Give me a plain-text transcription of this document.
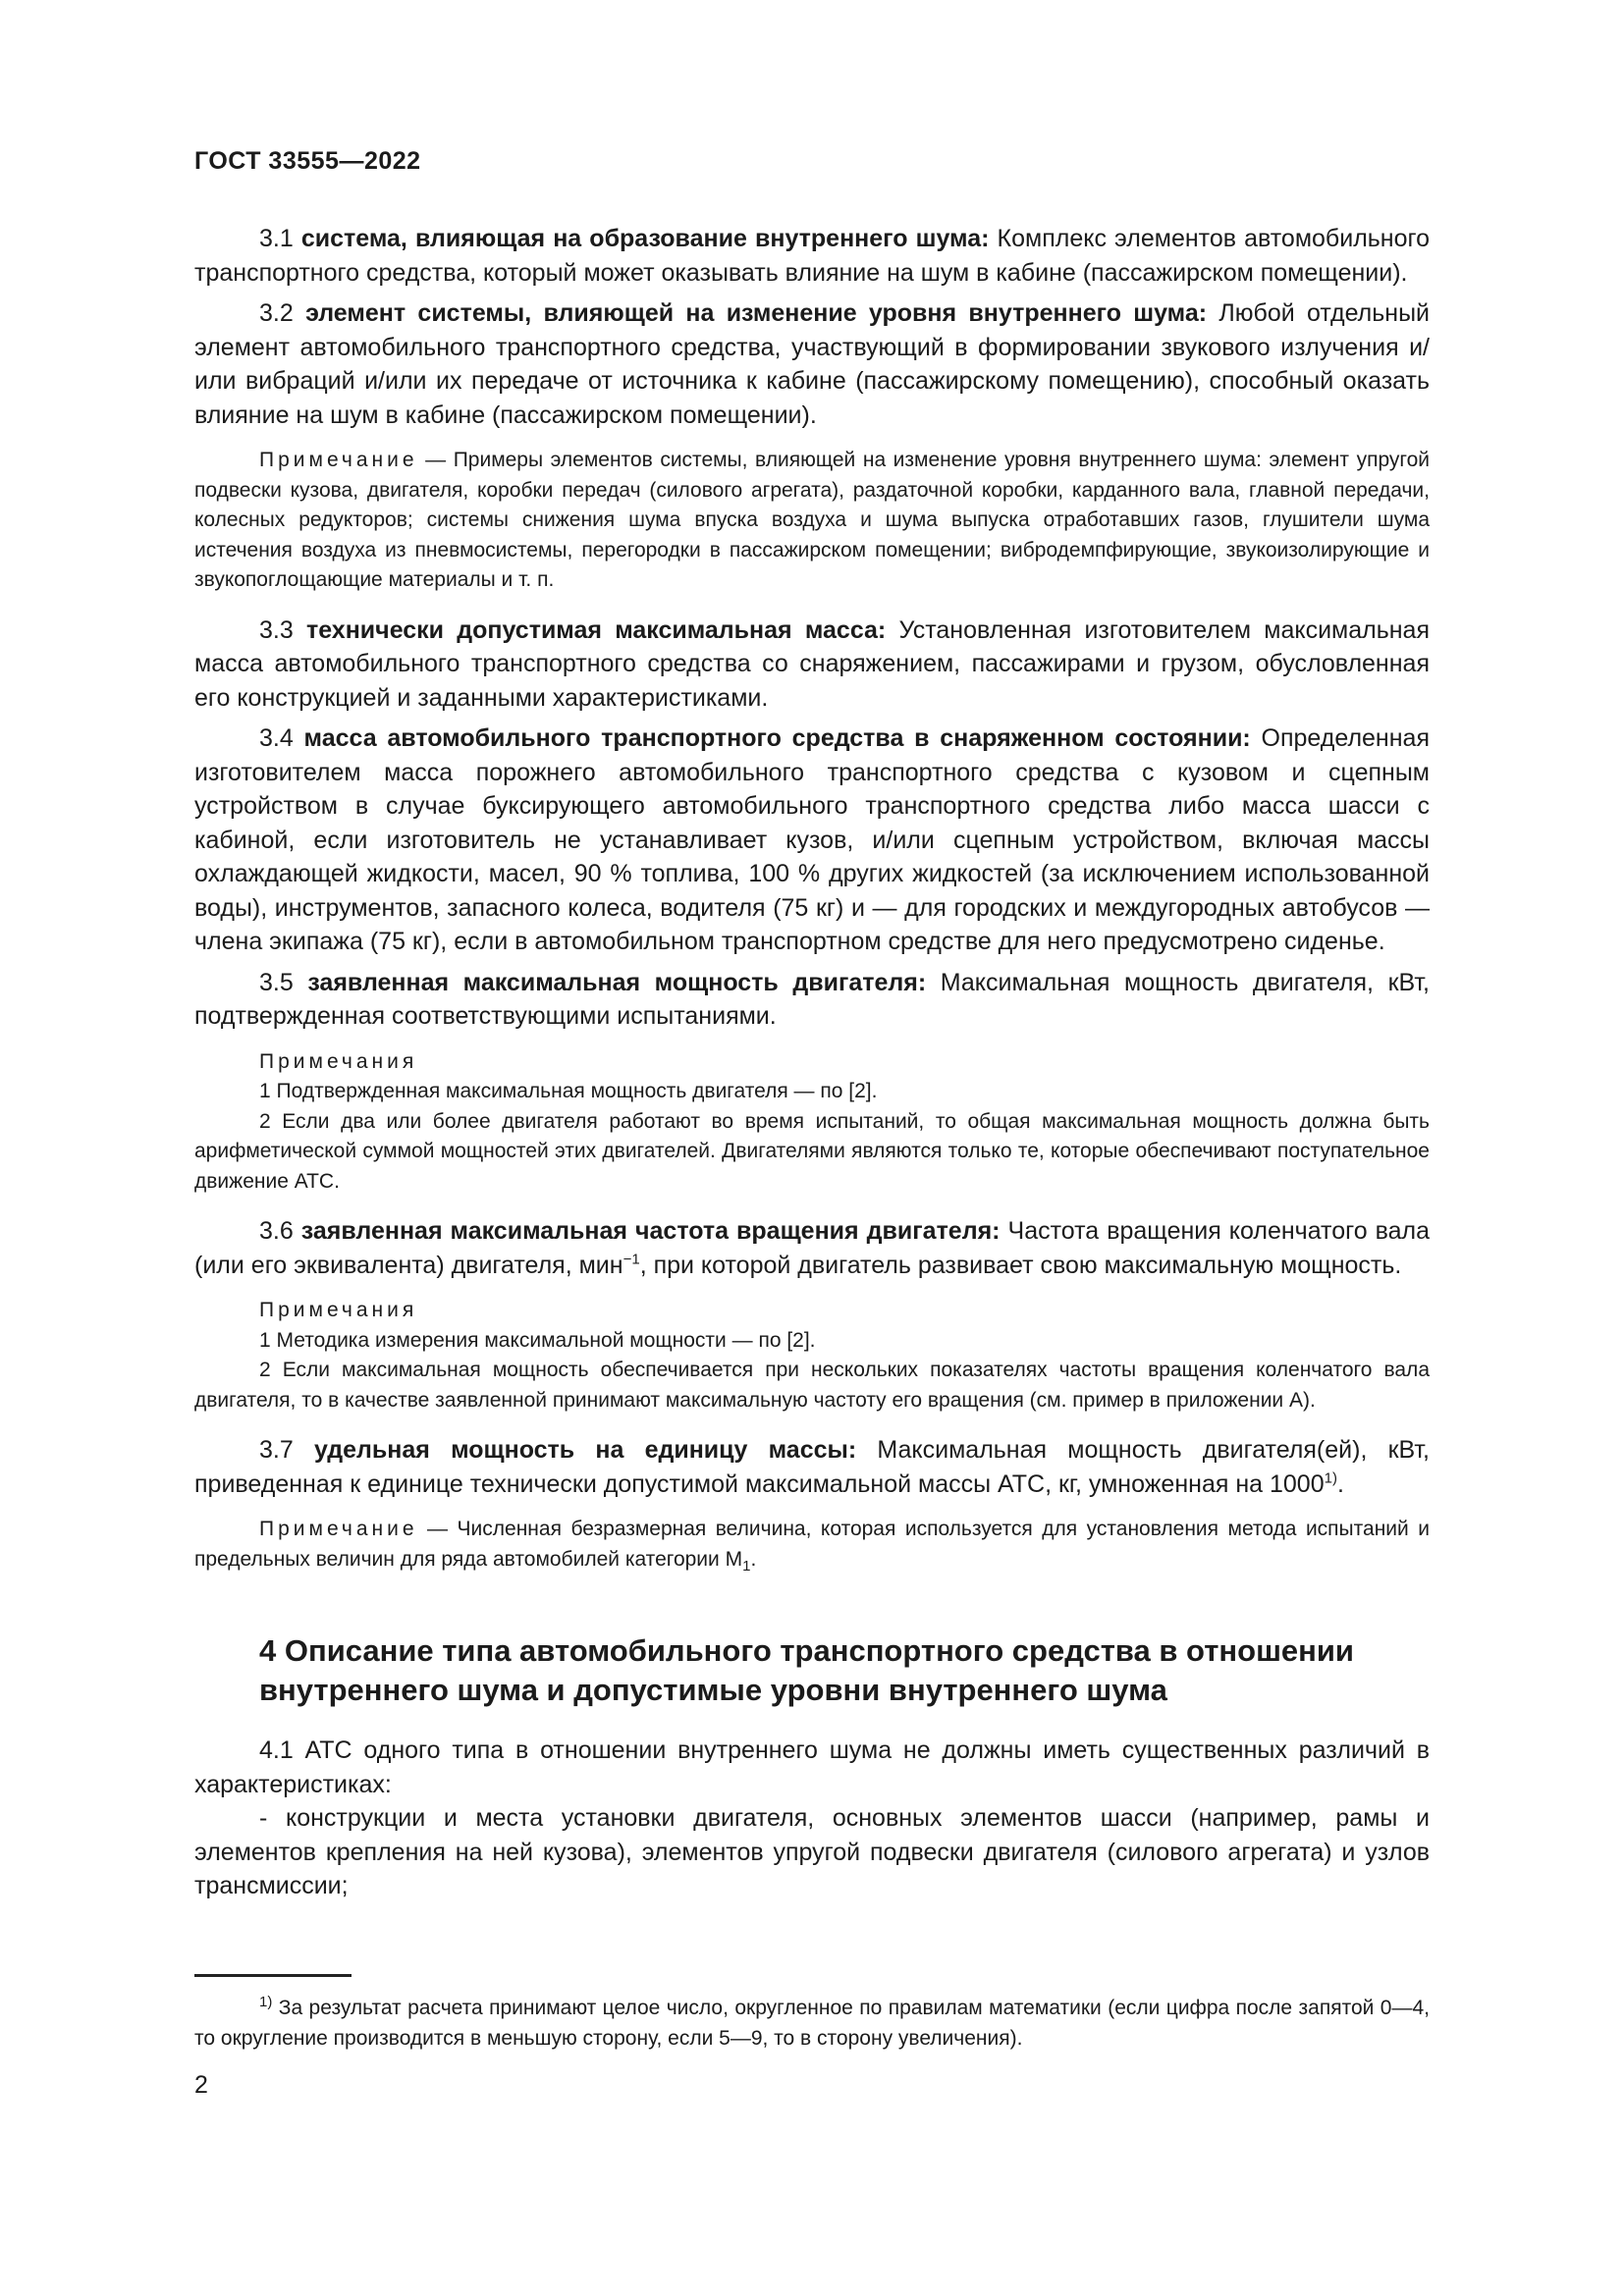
ГОСТ 33555—2022

3.1 система, влияющая на образование внутреннего шума: Комплекс элементов автомобильного транспортного средства, который может оказывать влияние на шум в кабине (пассажирском помещении).

3.2 элемент системы, влияющей на изменение уровня внутреннего шума: Любой отдельный элемент автомобильного транспортного средства, участвующий в формировании звукового излучения и/или вибраций и/или их передаче от источника к кабине (пассажирскому помещению), способный оказать влияние на шум в кабине (пассажирском помещении).

Примечание — Примеры элементов системы, влияющей на изменение уровня внутреннего шума: элемент упругой подвески кузова, двигателя, коробки передач (силового агрегата), раздаточной коробки, карданного вала, главной передачи, колесных редукторов; системы снижения шума впуска воздуха и шума выпуска отработавших газов, глушители шума истечения воздуха из пневмосистемы, перегородки в пассажирском помещении; вибродемпфирующие, звукоизолирующие и звукопоглощающие материалы и т. п.

3.3 технически допустимая максимальная масса: Установленная изготовителем максимальная масса автомобильного транспортного средства со снаряжением, пассажирами и грузом, обусловленная его конструкцией и заданными характеристиками.

3.4 масса автомобильного транспортного средства в снаряженном состоянии: Определенная изготовителем масса порожнего автомобильного транспортного средства с кузовом и сцепным устройством в случае буксирующего автомобильного транспортного средства либо масса шасси с кабиной, если изготовитель не устанавливает кузов, и/или сцепным устройством, включая массы охлаждающей жидкости, масел, 90 % топлива, 100 % других жидкостей (за исключением использованной воды), инструментов, запасного колеса, водителя (75 кг) и — для городских и междугородных автобусов — члена экипажа (75 кг), если в автомобильном транспортном средстве для него предусмотрено сиденье.

3.5 заявленная максимальная мощность двигателя: Максимальная мощность двигателя, кВт, подтвержденная соответствующими испытаниями.

Примечания

1 Подтвержденная максимальная мощность двигателя — по [2].

2 Если два или более двигателя работают во время испытаний, то общая максимальная мощность должна быть арифметической суммой мощностей этих двигателей. Двигателями являются только те, которые обеспечивают поступательное движение АТС.

3.6 заявленная максимальная частота вращения двигателя: Частота вращения коленчатого вала (или его эквивалента) двигателя, мин$^{-1}$, при которой двигатель развивает свою максимальную мощность.

Примечания

1 Методика измерения максимальной мощности — по [2].

2 Если максимальная мощность обеспечивается при нескольких показателях частоты вращения коленчатого вала двигателя, то в качестве заявленной принимают максимальную частоту его вращения (см. пример в приложении А).

3.7 удельная мощность на единицу массы: Максимальная мощность двигателя(ей), кВт, приведенная к единице технически допустимой максимальной массы АТС, кг, умноженная на 1000$^{1)}$.

Примечание — Численная безразмерная величина, которая используется для установления метода испытаний и предельных величин для ряда автомобилей категории $М_1$.

4 Описание типа автомобильного транспортного средства в отношении внутреннего шума и допустимые уровни внутреннего шума

4.1 АТС одного типа в отношении внутреннего шума не должны иметь существенных различий в характеристиках:

- конструкции и места установки двигателя, основных элементов шасси (например, рамы и элементов крепления на ней кузова), элементов упругой подвески двигателя (силового агрегата) и узлов трансмиссии;

$^{1)}$ За результат расчета принимают целое число, округленное по правилам математики (если цифра после запятой 0—4, то округление производится в меньшую сторону, если 5—9, то в сторону увеличения).

2
